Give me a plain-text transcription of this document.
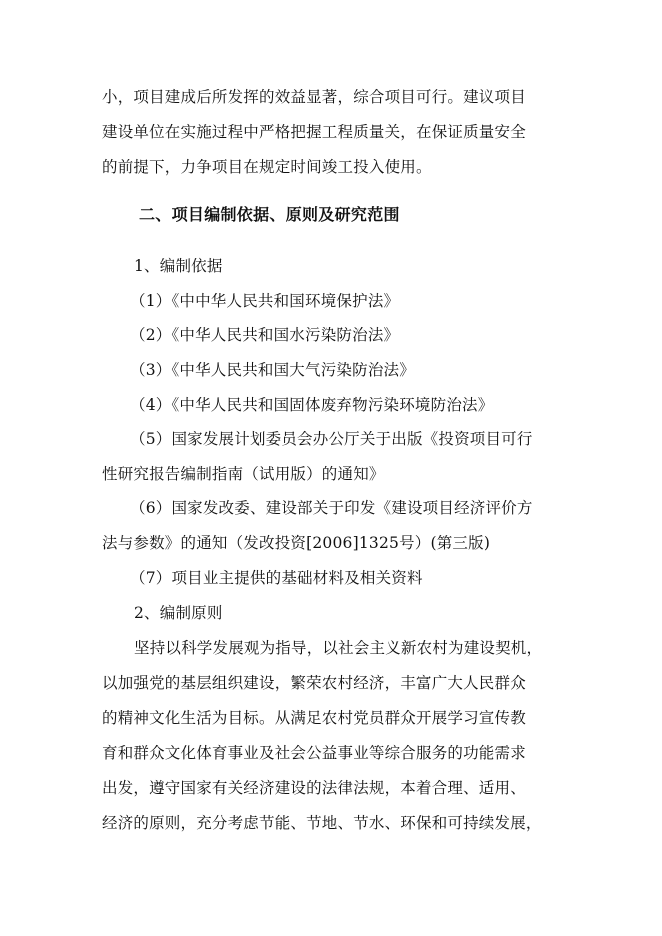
小，项目建成后所发挥的效益显著，综合项目可行。建议项目
建设单位在实施过程中严格把握工程质量关，在保证质量安全
的前提下，力争项目在规定时间竣工投入使用。
二、项目编制依据、原则及研究范围
1、编制依据
（1）《中中华人民共和国环境保护法》
（2）《中华人民共和国水污染防治法》
（3）《中华人民共和国大气污染防治法》
（4）《中华人民共和国固体废弃物污染环境防治法》
（5）国家发展计划委员会办公厅关于出版《投资项目可行
性研究报告编制指南（试用版）的通知》
（6）国家发改委、建设部关于印发《建设项目经济评价方
法与参数》的通知（发改投资[2006]1325号）(第三版)
（7）项目业主提供的基础材料及相关资料
2、编制原则
坚持以科学发展观为指导，以社会主义新农村为建设契机，
以加强党的基层组织建设，繁荣农村经济，丰富广大人民群众
的精神文化生活为目标。从满足农村党员群众开展学习宣传教
育和群众文化体育事业及社会公益事业等综合服务的功能需求
出发，遵守国家有关经济建设的法律法规，本着合理、适用、
经济的原则，充分考虑节能、节地、节水、环保和可持续发展，
